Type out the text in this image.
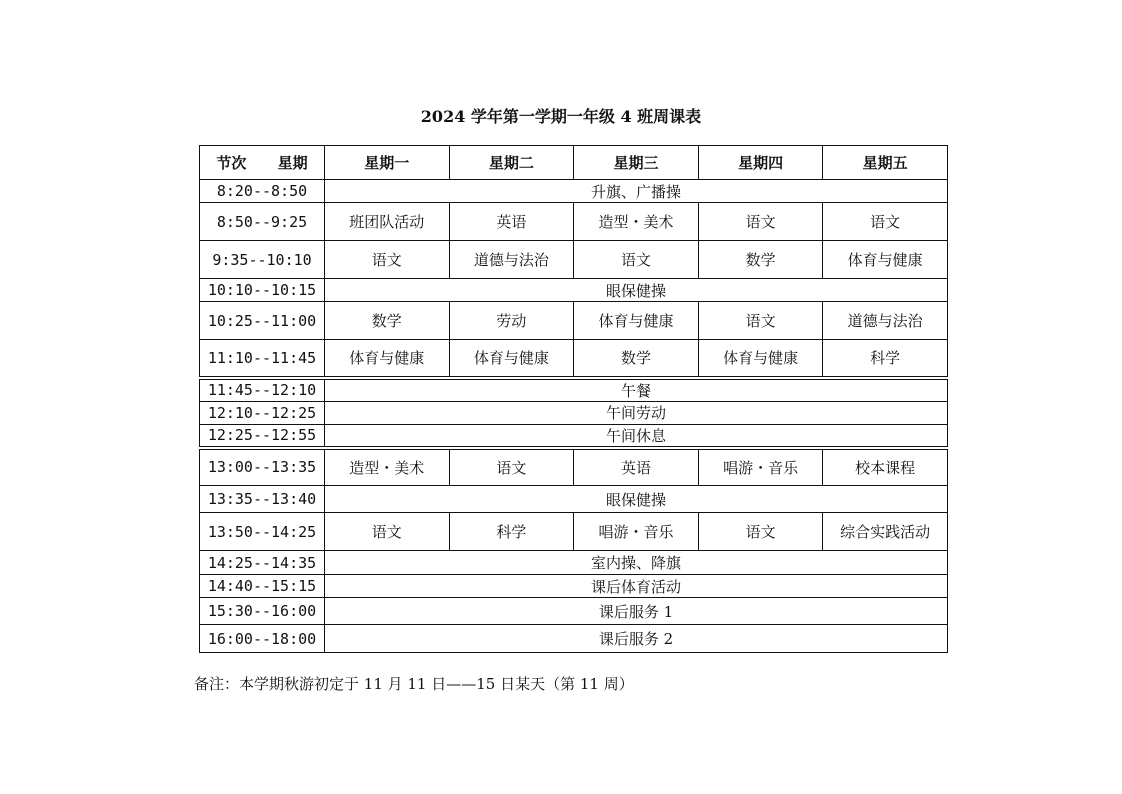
2024 学年第一学期一年级 4 班周课表
节次 星期	星期一	星期二	星期三	星期四	星期五
8:20--8:50	升旗、广播操				
8:50--9:25	班团队活动	英语	造型・美术	语文	语文
9:35--10:10	语文	道德与法治	语文	数学	体育与健康
10:10--10:15	眼保健操				
10:25--11:00	数学	劳动	体育与健康	语文	道德与法治
11:10--11:45	体育与健康	体育与健康	数学	体育与健康	科学
11:45--12:10	午餐				
12:10--12:25	午间劳动				
12:25--12:55	午间休息				
13:00--13:35	造型・美术	语文	英语	唱游・音乐	校本课程
13:35--13:40	眼保健操				
13:50--14:25	语文	科学	唱游・音乐	语文	综合实践活动
14:25--14:35	室内操、降旗				
14:40--15:15	课后体育活动				
15:30--16:00	课后服务 1				
16:00--18:00	课后服务 2				
备注：本学期秋游初定于 11 月 11 日——15 日某天（第 11 周）
